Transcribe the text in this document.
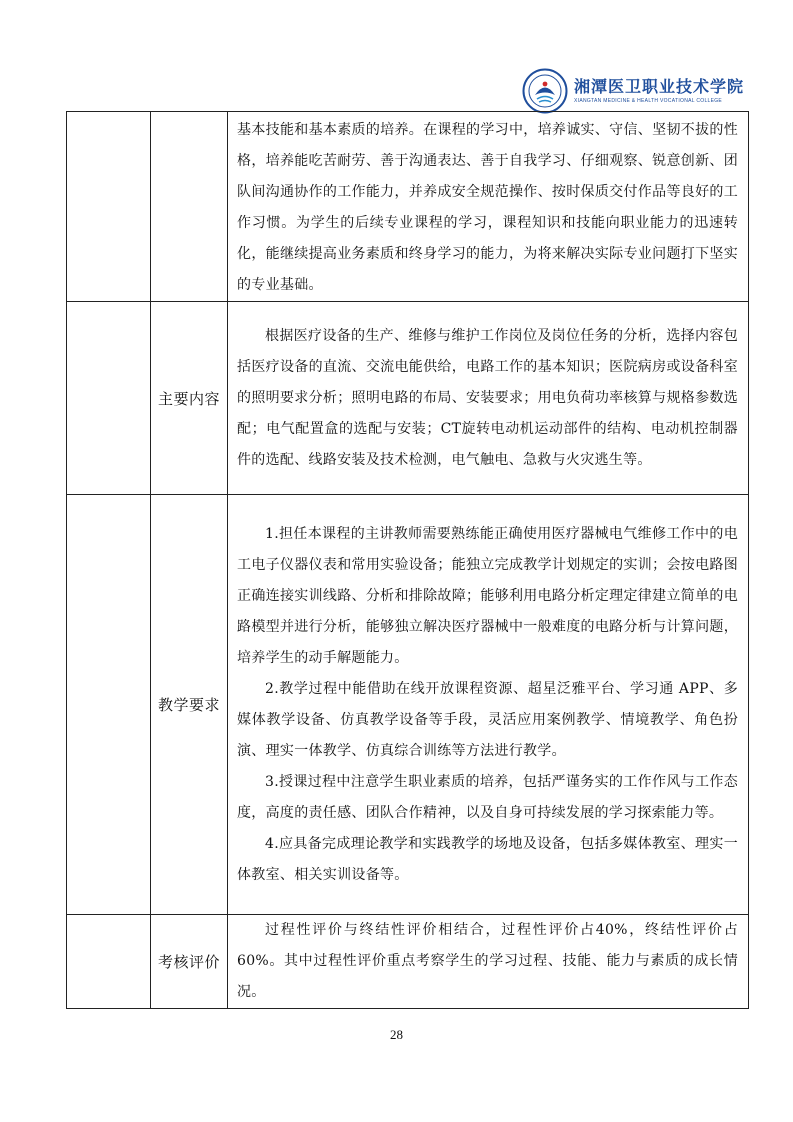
湘潭医卫职业技术学院
XIANGTAN MEDICINE & HEALTH VOCATIONAL COLLEGE

		基本技能和基本素质的培养。在课程的学习中，培养诚实、守信、坚韧不拔的性格，培养能吃苦耐劳、善于沟通表达、善于自我学习、仔细观察、锐意创新、团队间沟通协作的工作能力，并养成安全规范操作、按时保质交付作品等良好的工作习惯。为学生的后续专业课程的学习，课程知识和技能向职业能力的迅速转化，能继续提高业务素质和终身学习的能力，为将来解决实际专业问题打下坚实的专业基础。

	主要内容	根据医疗设备的生产、维修与维护工作岗位及岗位任务的分析，选择内容包括医疗设备的直流、交流电能供给，电路工作的基本知识；医院病房或设备科室的照明要求分析；照明电路的布局、安装要求；用电负荷功率核算与规格参数选配；电气配置盒的选配与安装；CT旋转电动机运动部件的结构、电动机控制器件的选配、线路安装及技术检测，电气触电、急救与火灾逃生等。

	教学要求	1.担任本课程的主讲教师需要熟练能正确使用医疗器械电气维修工作中的电工电子仪器仪表和常用实验设备；能独立完成教学计划规定的实训；会按电路图正确连接实训线路、分析和排除故障；能够利用电路分析定理定律建立简单的电路模型并进行分析，能够独立解决医疗器械中一般难度的电路分析与计算问题，培养学生的动手解题能力。

2.教学过程中能借助在线开放课程资源、超星泛雅平台、学习通 APP、多媒体教学设备、仿真教学设备等手段，灵活应用案例教学、情境教学、角色扮演、理实一体教学、仿真综合训练等方法进行教学。

3.授课过程中注意学生职业素质的培养，包括严谨务实的工作作风与工作态度，高度的责任感、团队合作精神，以及自身可持续发展的学习探索能力等。

4.应具备完成理论教学和实践教学的场地及设备，包括多媒体教室、理实一体教室、相关实训设备等。

	考核评价	过程性评价与终结性评价相结合，过程性评价占40%，终结性评价占60%。其中过程性评价重点考察学生的学习过程、技能、能力与素质的成长情况。

28
